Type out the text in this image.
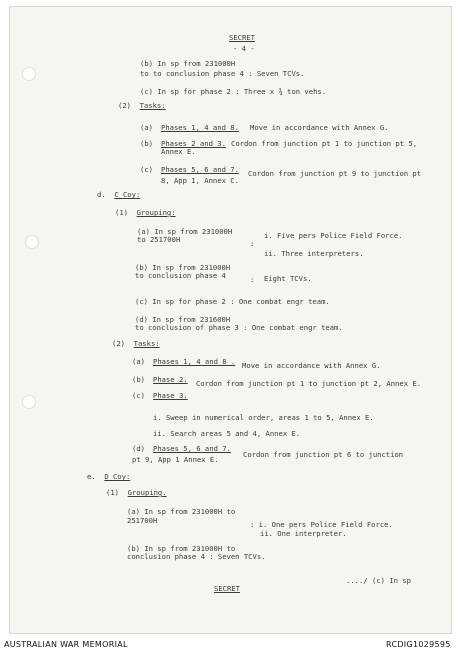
SECRET
- 4 -
(b) In sp from 231000H
to to conclusion phase 4 : Seven TCVs.
(c) In sp for phase 2 : Three x ¾ ton vehs.
(2)  Tasks:
(a) Phases 1, 4 and 8. Move in accordance with Annex G.
(b) Phases 2 and 3. Cordon from junction pt 1 to junction pt 5,
Annex E.
(c) Phases 5, 6 and 7. Cordon from junction pt 9 to junction pt
8, App 1, Annex C.
d.  C Coy:
(1)  Grouping:
(a) In sp from 231000H
to 251700H	:
i. Five pers Police Field Force.
ii. Three interpreters.
(b) In sp from 231000H
to conclusion phase 4	: Eight TCVs.
(c) In sp for phase 2 : One combat engr team.
(d) In sp from 231600H
to conclusion of phase 3 : One combat engr team.
(2)  Tasks:
(a) Phases 1, 4 and 8 . Move in accordance with Annex G.
(b) Phase 2. Cordon from junction pt 1 to junction pt 2, Annex E.
(c) Phase 3.
i. Sweep in numerical order, areas 1 to 5, Annex E.
ii. Search areas 5 and 4, Annex E.
(d) Phases 5, 6 and 7.
Cordon from junction pt 6 to junction
pt 9, App 1 Annex E.
e.  D Coy:
(1)  Grouping.
(a) In sp from 231000H to
251700H	: i. One pers Police Field Force.
ii. One interpreter.
(b) In sp from 231000H to
conclusion phase 4 : Seven TCVs.
..../ (c) In sp
SECRET
AUSTRALIAN WAR MEMORIAL	RCDIG1029595
